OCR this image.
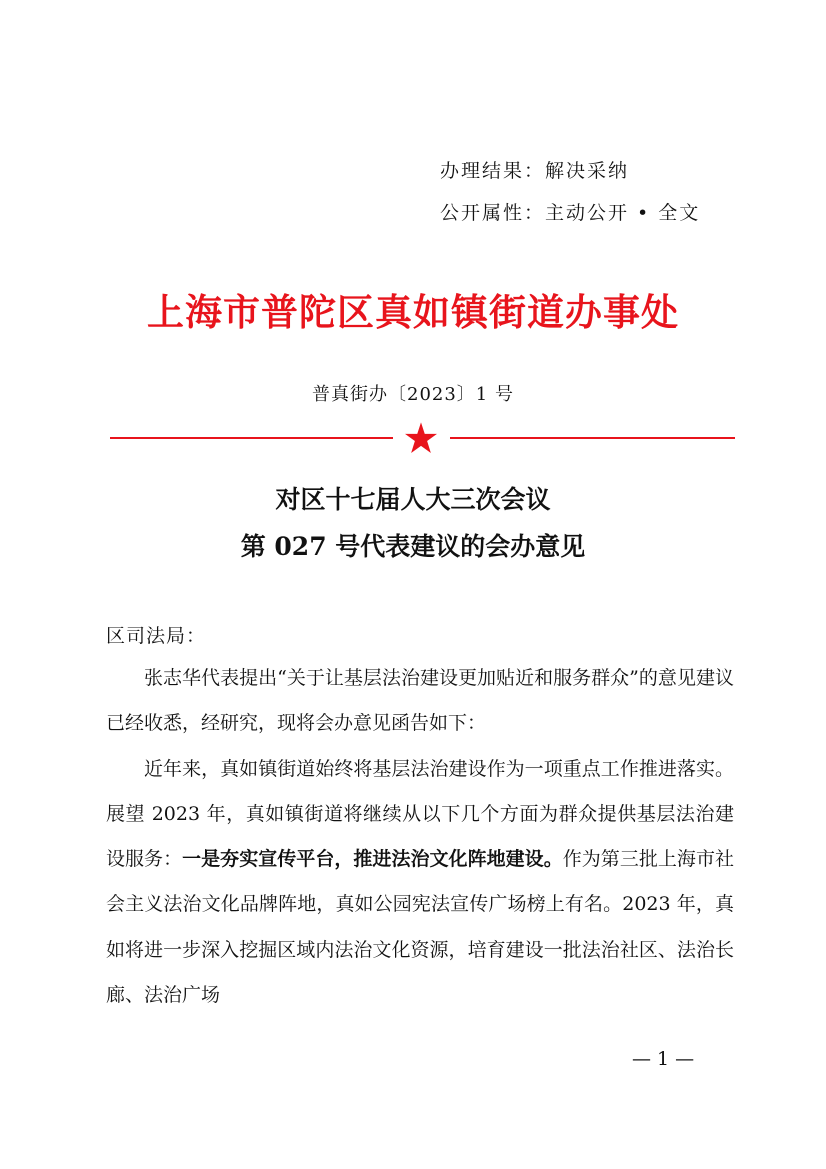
办理结果：解决采纳
公开属性：主动公开 • 全文
上海市普陀区真如镇街道办事处
普真街办〔2023〕1 号
对区十七届人大三次会议
第 027 号代表建议的会办意见
区司法局：

张志华代表提出“关于让基层法治建设更加贴近和服务群众”的意见建议已经收悉，经研究，现将会办意见函告如下：

近年来，真如镇街道始终将基层法治建设作为一项重点工作推进落实。展望 2023 年，真如镇街道将继续从以下几个方面为群众提供基层法治建设服务：一是夯实宣传平台，推进法治文化阵地建设。作为第三批上海市社会主义法治文化品牌阵地，真如公园宪法宣传广场榜上有名。2023 年，真如将进一步深入挖掘区域内法治文化资源，培育建设一批法治社区、法治长廊、法治广场

— 1 —
